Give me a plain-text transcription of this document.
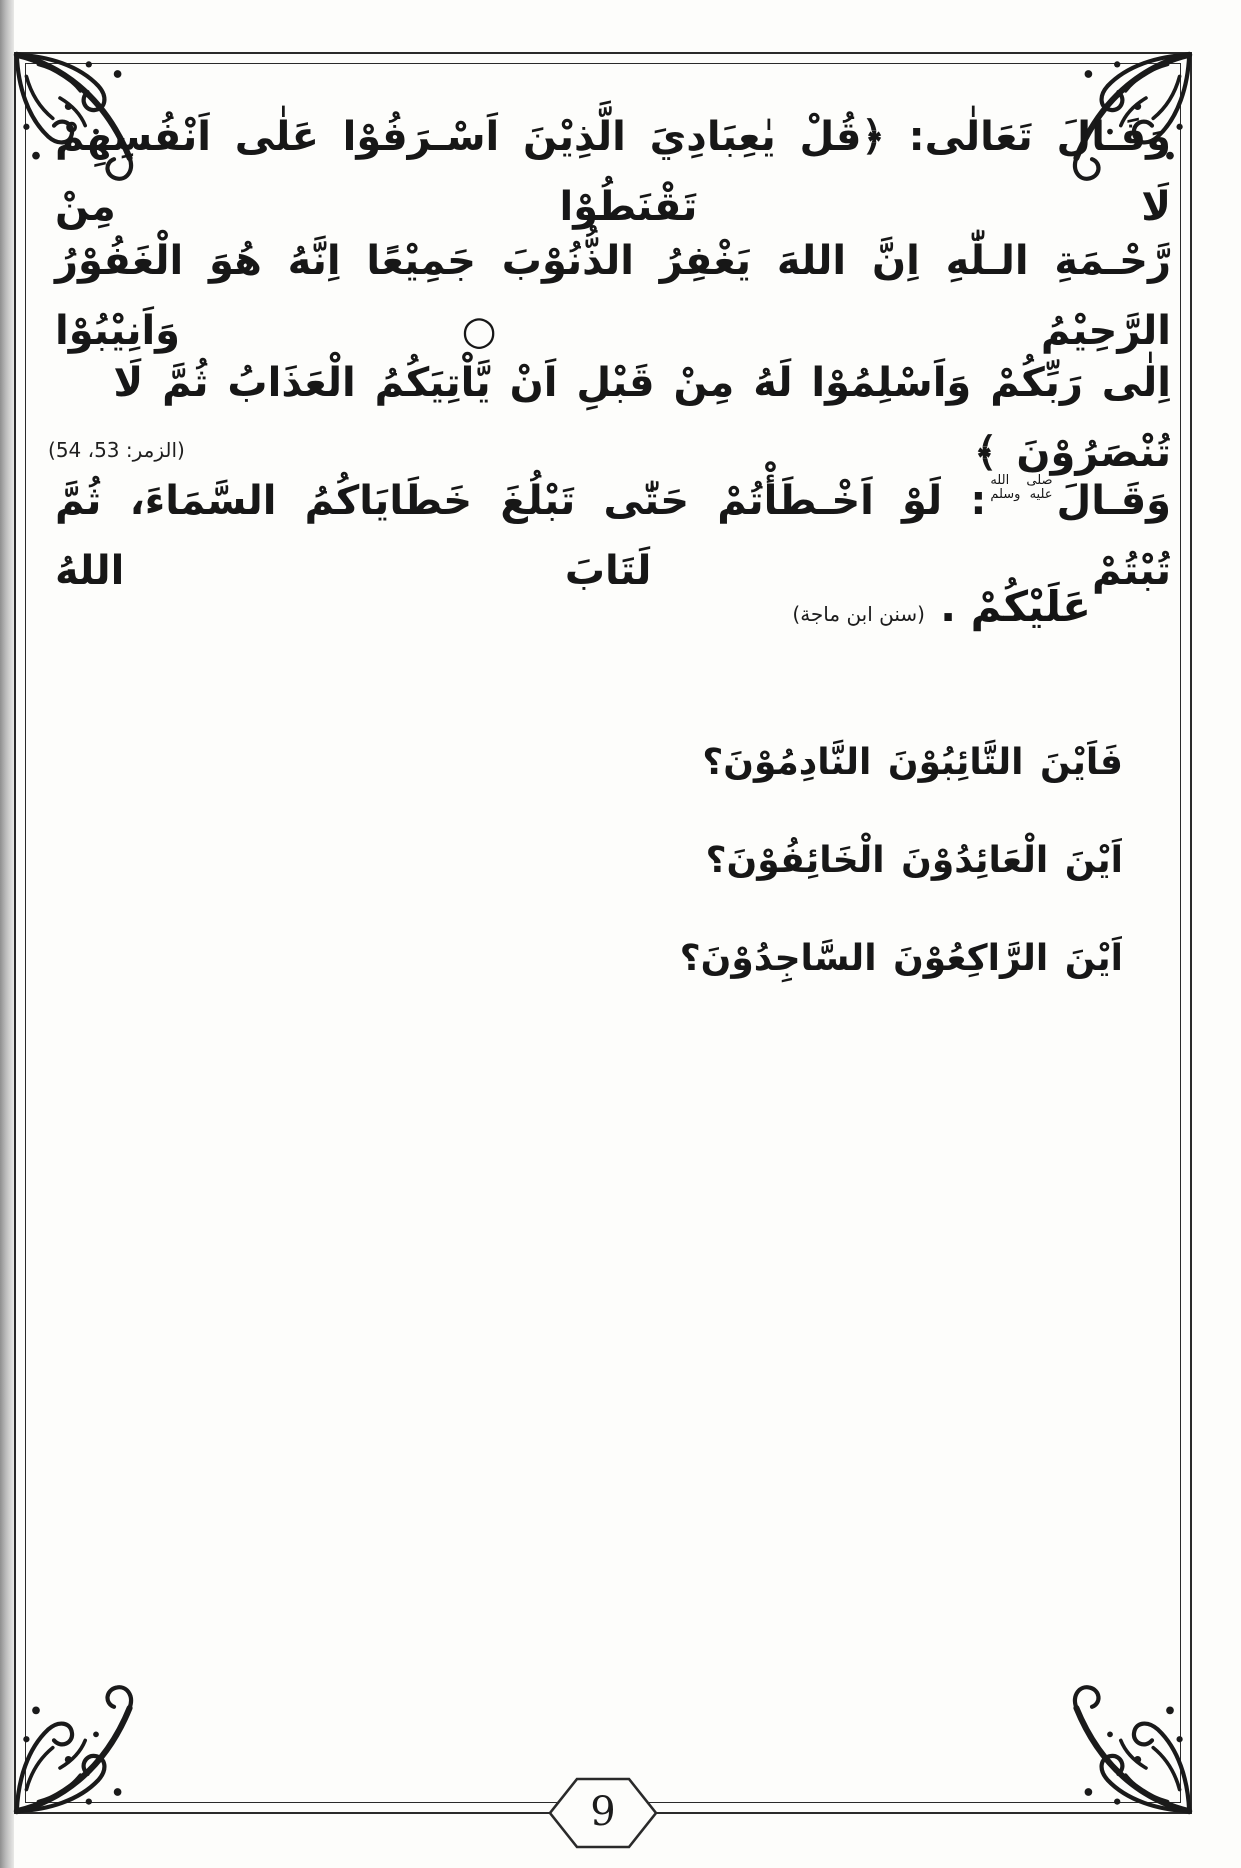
9
وَقَـالَ تَعَالٰى: ﴿قُلْ يٰعِبَادِيَ الَّذِيْنَ اَسْـرَفُوْا عَلٰى اَنْفُسِهِمْ لَا تَقْنَطُوْا مِنْ
رَّحْـمَةِ الـلّٰهِ اِنَّ اللهَ يَغْفِرُ الذُّنُوْبَ جَمِيْعًا اِنَّهُ هُوَ الْغَفُوْرُ الرَّحِيْمُ ○ وَاَنِيْبُوْا
اِلٰى رَبِّكُمْ وَاَسْلِمُوْا لَهُ مِنْ قَبْلِ اَنْ يَّاْتِيَكُمُ الْعَذَابُ ثُمَّ لَا تُنْصَرُوْنَ ﴾
(الزمر: 53، 54)
وَقَـالَ
صلى الله
عليه وسلم
: لَوْ اَخْـطَأْتُمْ حَتّٰى تَبْلُغَ خَطَايَاكُمُ السَّمَاءَ، ثُمَّ تُبْتُمْ لَتَابَ اللهُ
عَلَيْكُمْ . (سنن ابن ماجة)
فَاَيْنَ التَّائِبُوْنَ النَّادِمُوْنَ؟
اَيْنَ الْعَائِدُوْنَ الْخَائِفُوْنَ؟
اَيْنَ الرَّاكِعُوْنَ السَّاجِدُوْنَ؟
